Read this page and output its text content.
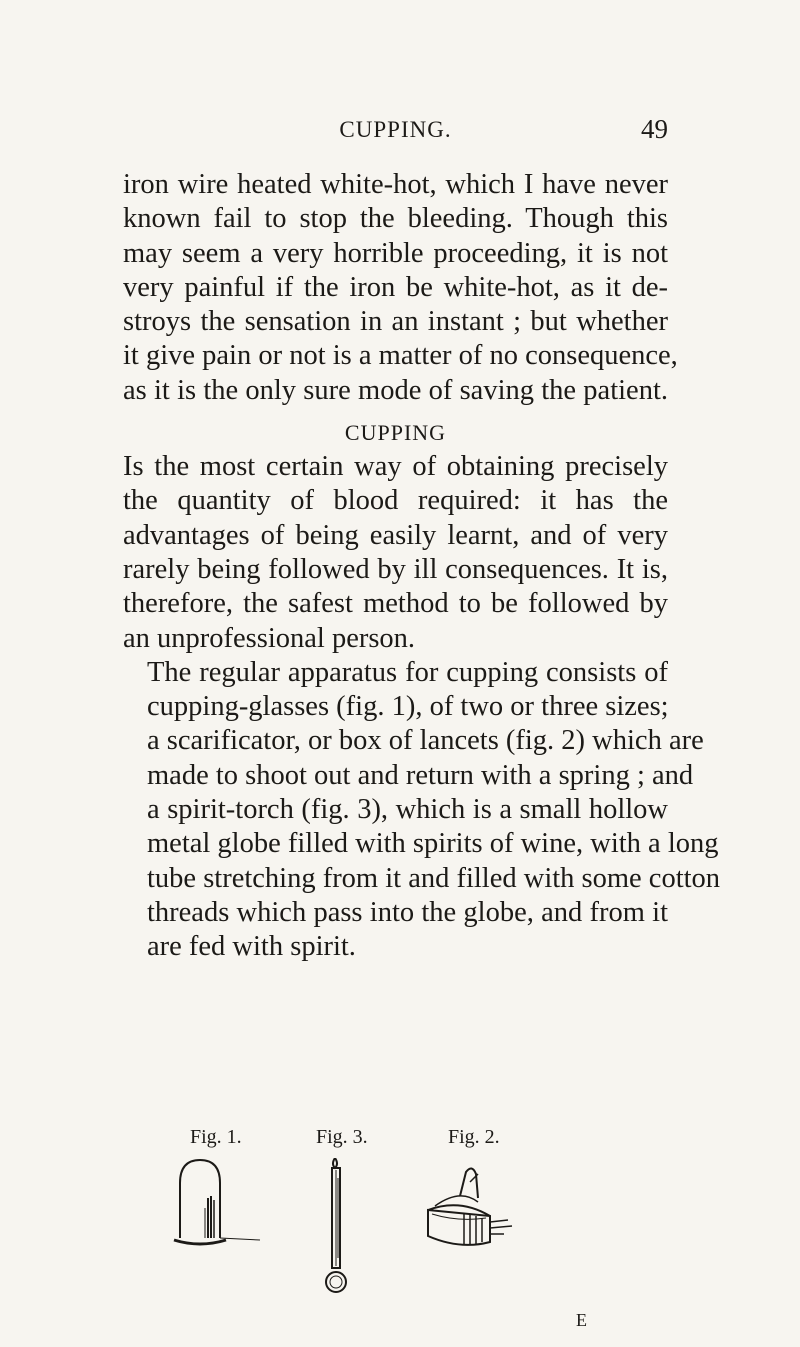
CUPPING.	49

iron wire heated white-hot, which I have never
known fail to stop the bleeding. Though this
may seem a very horrible proceeding, it is not
very painful if the iron be white-hot, as it de-
stroys the sensation in an instant ; but whether
it give pain or not is a matter of no consequence,
as it is the only sure mode of saving the patient.

CUPPING

Is the most certain way of obtaining precisely
the quantity of blood required: it has the
advantages of being easily learnt, and of very
rarely being followed by ill consequences. It is,
therefore, the safest method to be followed by
an unprofessional person.

The regular apparatus for cupping consists of
cupping-glasses (fig. 1), of two or three sizes;
a scarificator, or box of lancets (fig. 2) which are
made to shoot out and return with a spring ; and
a spirit-torch (fig. 3), which is a small hollow
metal globe filled with spirits of wine, with a long
tube stretching from it and filled with some cotton
threads which pass into the globe, and from it
are fed with spirit.

Fig. 1.	Fig. 3.	Fig. 2.
E
